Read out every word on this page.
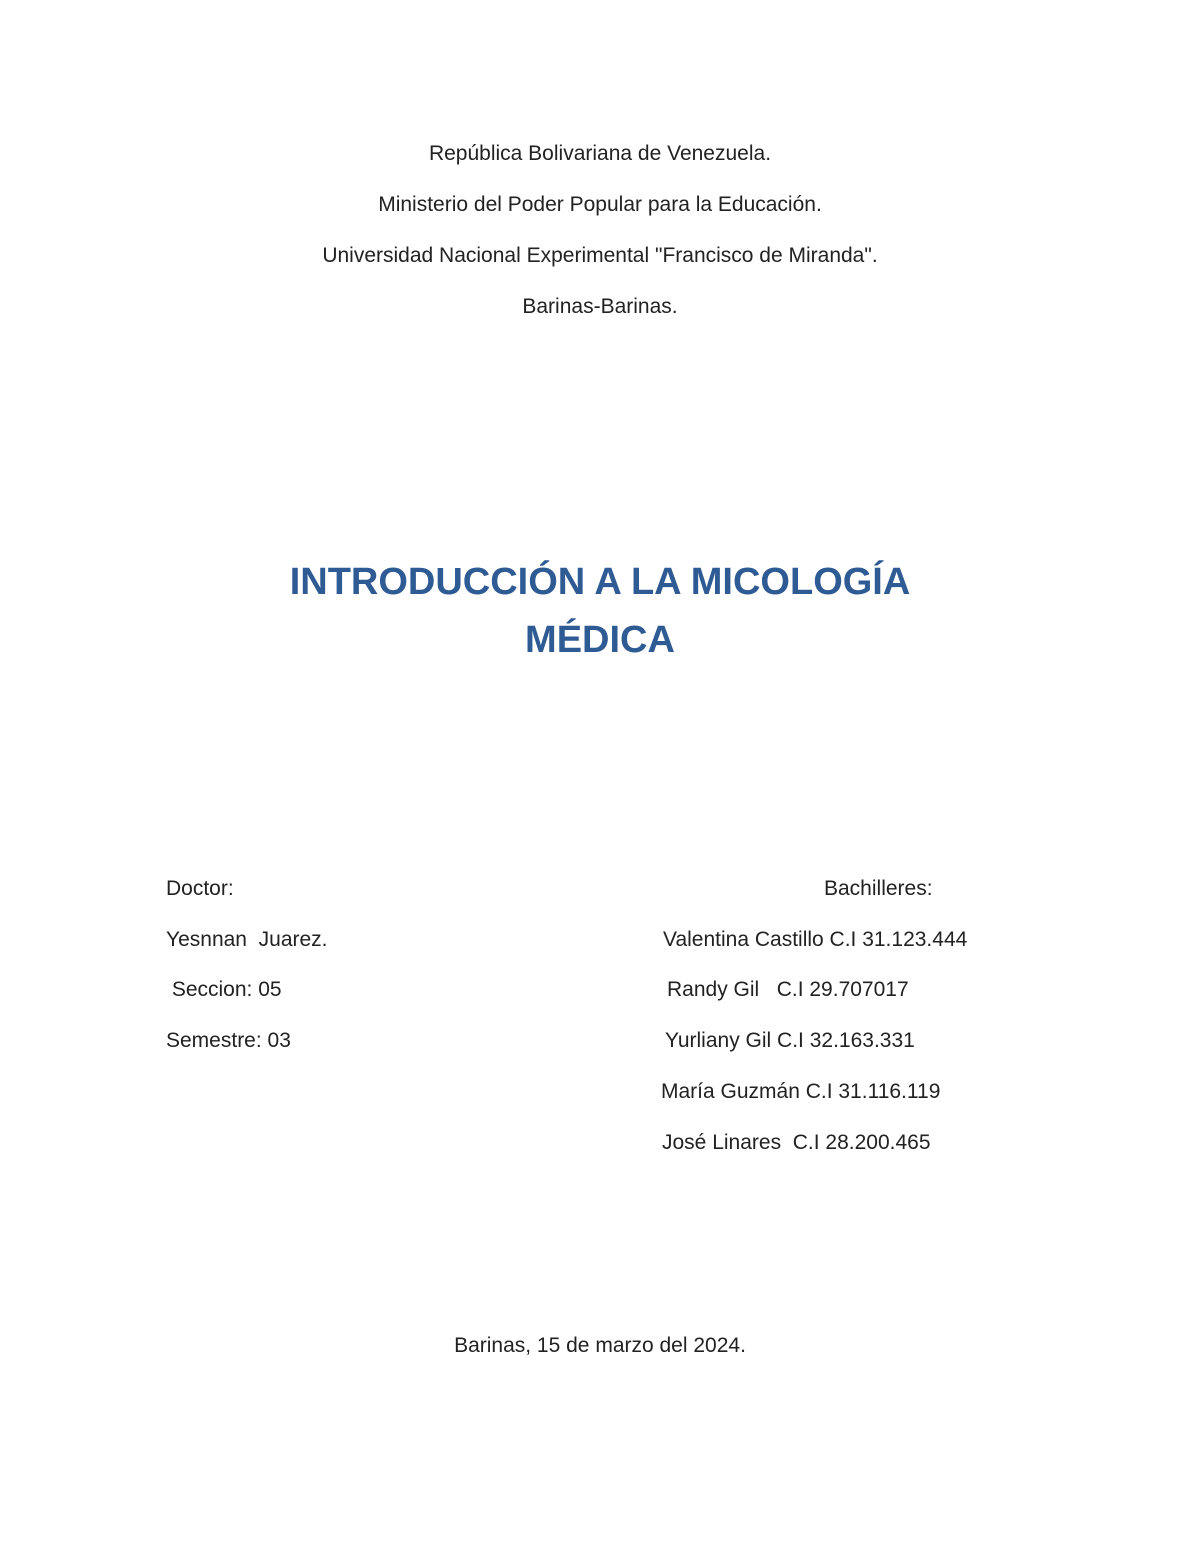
República Bolivariana de Venezuela.
Ministerio del Poder Popular para la Educación.
Universidad Nacional Experimental "Francisco de Miranda".
Barinas-Barinas.
INTRODUCCIÓN A LA MICOLOGÍA
MÉDICA
Doctor:
Yesnnan  Juarez.
Seccion: 05
Semestre: 03
Bachilleres:
Valentina Castillo C.I 31.123.444
Randy Gil   C.I 29.707017
Yurliany Gil C.I 32.163.331
María Guzmán C.I 31.116.119
José Linares  C.I 28.200.465
Barinas, 15 de marzo del 2024.
